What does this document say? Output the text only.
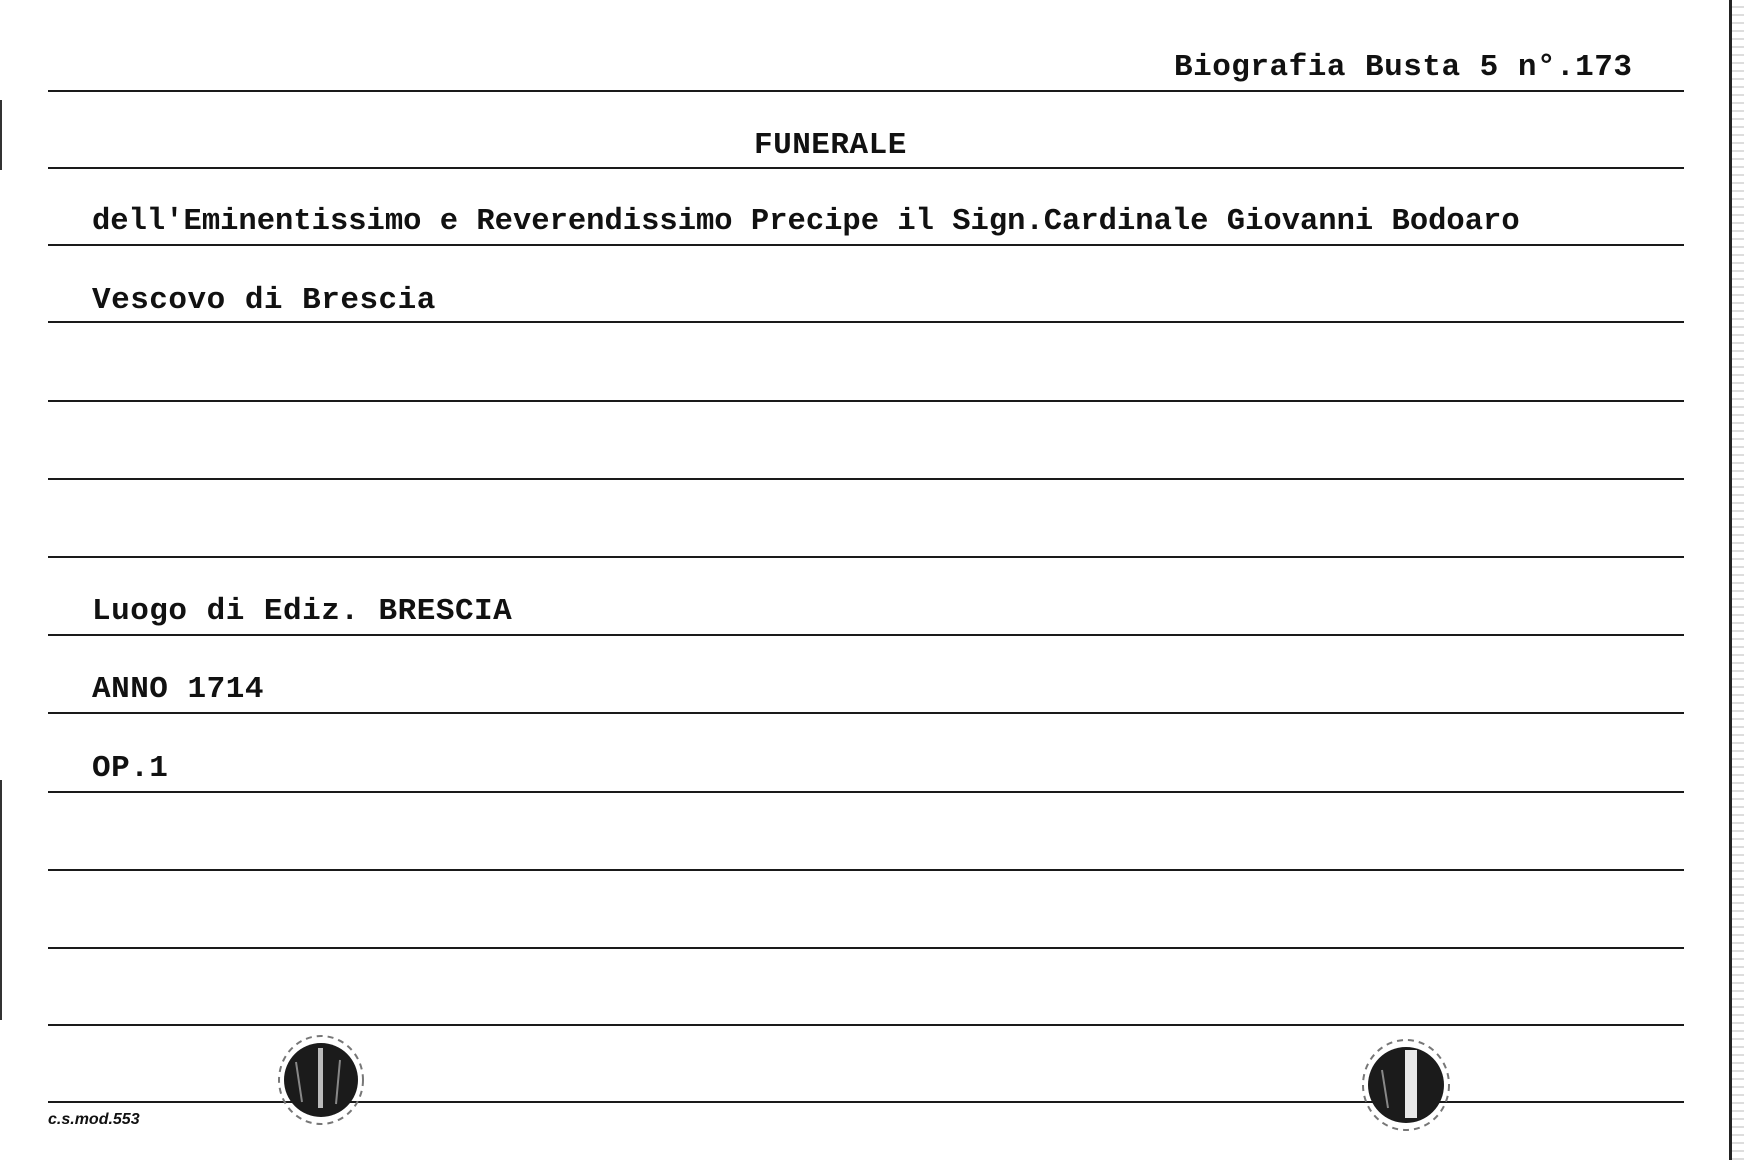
Biografia Busta 5 n°.173
FUNERALE
dell'Eminentissimo e Reverendissimo Precipe il Sign.Cardinale Giovanni Bodoaro
Vescovo di Brescia
Luogo di Ediz. BRESCIA
ANNO 1714
OP.1
c.s.mod.553
